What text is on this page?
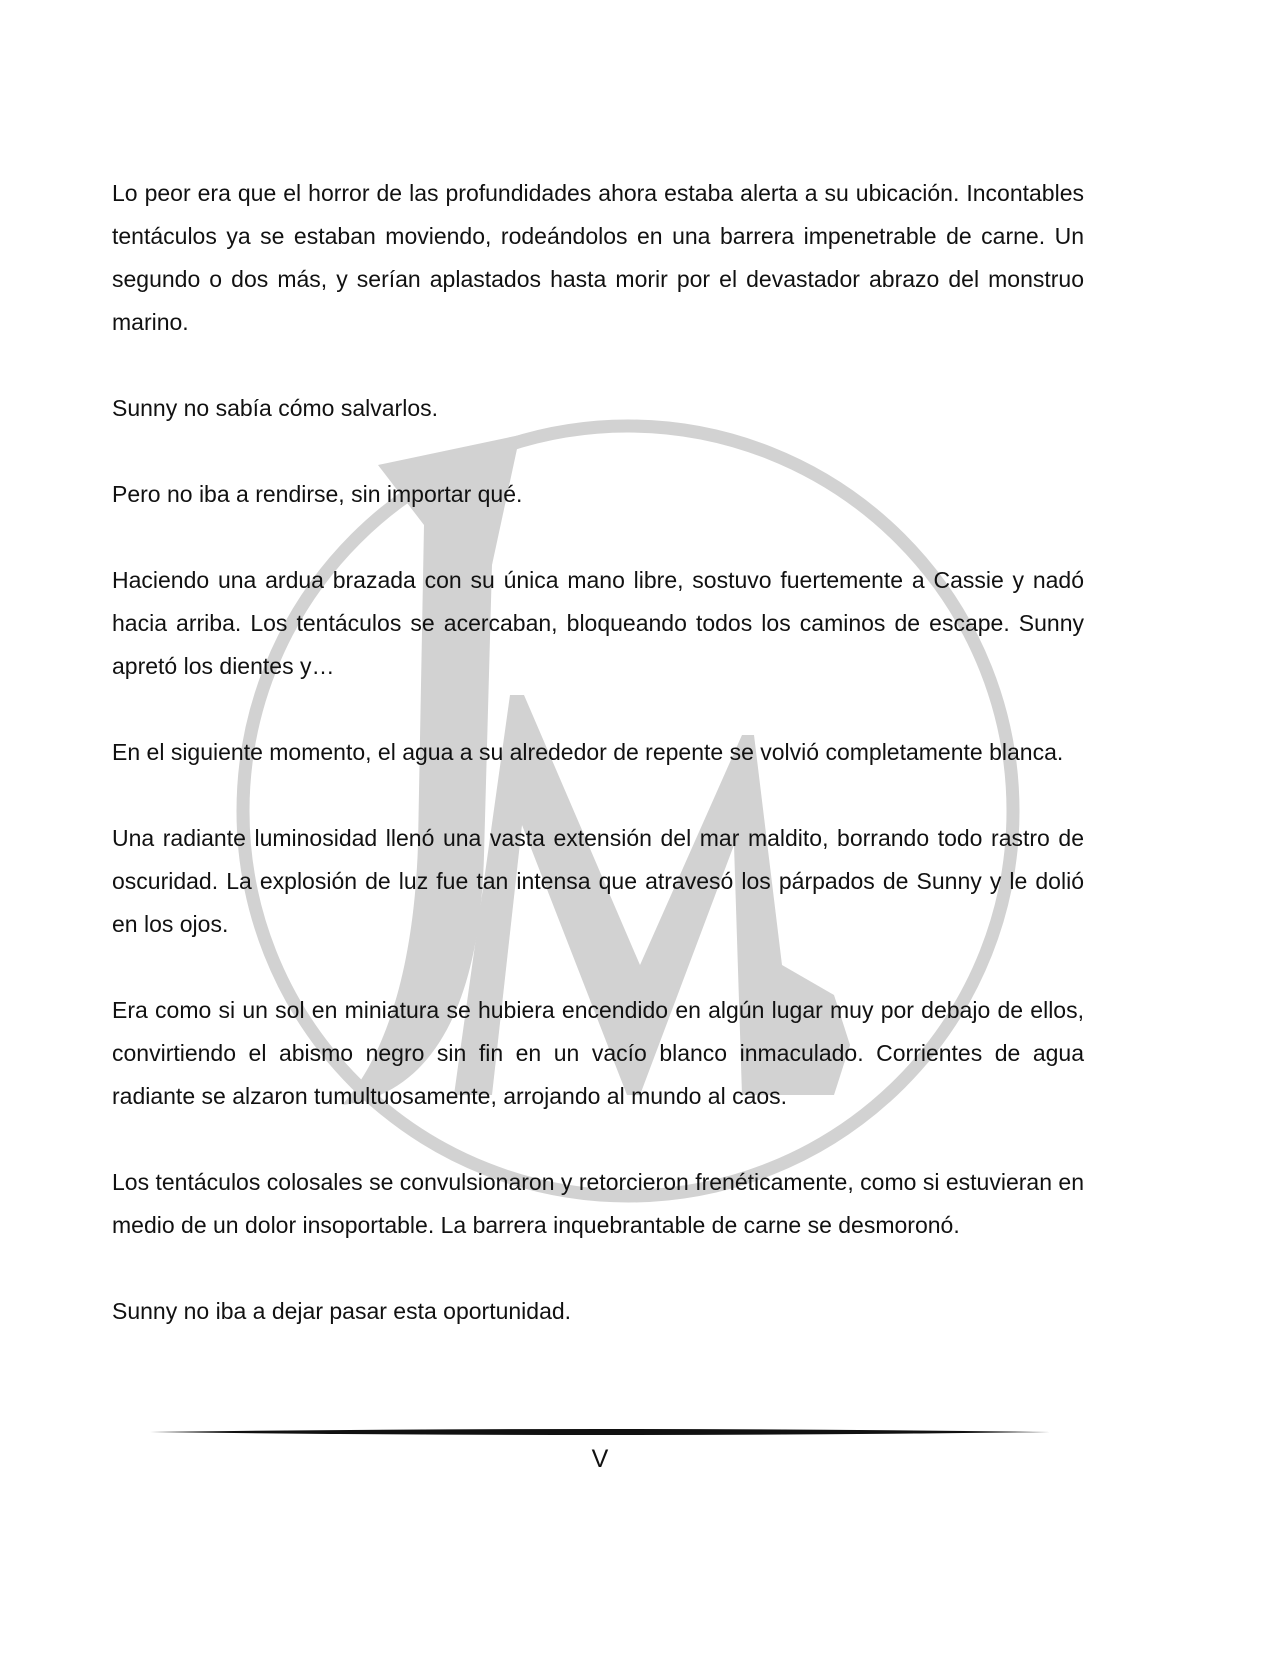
Lo peor era que el horror de las profundidades ahora estaba alerta a su ubicación. Incontables tentáculos ya se estaban moviendo, rodeándolos en una barrera impenetrable de carne. Un segundo o dos más, y serían aplastados hasta morir por el devastador abrazo del monstruo marino.

Sunny no sabía cómo salvarlos.

Pero no iba a rendirse, sin importar qué.

Haciendo una ardua brazada con su única mano libre, sostuvo fuertemente a Cassie y nadó hacia arriba. Los tentáculos se acercaban, bloqueando todos los caminos de escape. Sunny apretó los dientes y…

En el siguiente momento, el agua a su alrededor de repente se volvió completamente blanca.

Una radiante luminosidad llenó una vasta extensión del mar maldito, borrando todo rastro de oscuridad. La explosión de luz fue tan intensa que atravesó los párpados de Sunny y le dolió en los ojos.

Era como si un sol en miniatura se hubiera encendido en algún lugar muy por debajo de ellos, convirtiendo el abismo negro sin fin en un vacío blanco inmaculado. Corrientes de agua radiante se alzaron tumultuosamente, arrojando al mundo al caos.

Los tentáculos colosales se convulsionaron y retorcieron frenéticamente, como si estuvieran en medio de un dolor insoportable. La barrera inquebrantable de carne se desmoronó.

Sunny no iba a dejar pasar esta oportunidad.

V
